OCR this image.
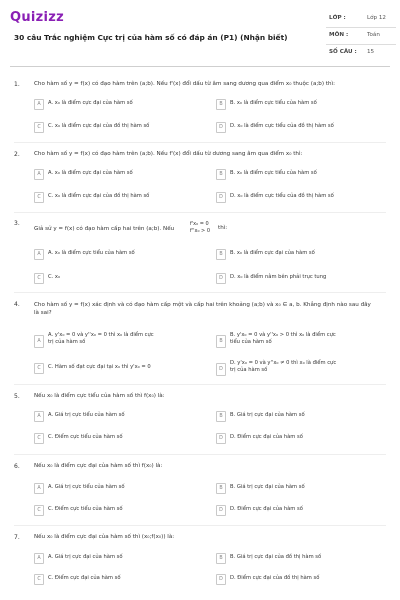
Quizizz
30 câu Trắc nghiệm Cực trị của hàm số có đáp án (P1) (Nhận biết)
LỚP :	Lớp 12
MÔN :	Toán
SỐ CÂU : 15
1.	Cho hàm số y = f(x) có đạo hàm trên (a;b). Nếu f'(x) đổi dấu từ âm sang dương qua điểm x₀ thuộc (a;b) thì:
A	A. x₀ là điểm cực đại của hàm số	B	B. x₀ là điểm cực tiểu của hàm số
C	C. x₀ là điểm cực đại của đồ thị hàm số	D	D. x₀ là điểm cực tiểu của đồ thị hàm số
2.	Cho hàm số y = f(x) có đạo hàm trên (a;b). Nếu f'(x) đổi dấu từ dương sang âm qua điểm x₀ thì:
A	A. x₀ là điểm cực đại của hàm số	B	B. x₀ là điểm cực tiểu của hàm số
C	C. x₀ là điểm cực đại của đồ thị hàm số	D	D. x₀ là điểm cực tiểu của đồ thị hàm số
3.
Giả sử y = f(x) có đạo hàm cấp hai trên (a;b). Nếu
f'x₀ = 0
f''x₀ > 0 thì:
A	A. x₀ là điểm cực tiểu của hàm số	B	B. x₀ là điểm cực đại của hàm số
C	C. x₀	D	D. x₀ là điểm nằm bên phải trục tung
4.	Cho hàm số y = f(x) xác định và có đạo hàm cấp một và cấp hai trên khoảng (a;b) và x₀ ∈ a, b. Khẳng định nào sau đây là sai?
A
A. y'x₀ = 0 và y''x₀ = 0 thì x₀ là điểm cực trị của hàm số	B
B. y'x₀ = 0 và y''x₀ > 0 thì x₀ là điểm cực tiểu của hàm số
C	C. Hàm số đạt cực đại tại x₀ thì y'x₀ = 0	D
D. y'x₀ = 0 và y''x₀ ≠ 0 thì x₀ là điểm cực trị của hàm số
5.	Nếu x₀ là điểm cực tiểu của hàm số thì f(x₀) là:
A	A. Giá trị cực tiểu của hàm số	B	B. Giá trị cực đại của hàm số
C	C. Điểm cực tiểu của hàm số	D	D. Điểm cực đại của hàm số
6.	Nếu x₀ là điểm cực đại của hàm số thì f(x₀) là:
A	A. Giá trị cực tiểu của hàm số	B	B. Giá trị cực đại của hàm số
C	C. Điểm cực tiểu của hàm số	D	D. Điểm cực đại của hàm số
7.	Nếu x₀ là điểm cực đại của hàm số thì (x₀;f(x₀)) là:
A	A. Giá trị cực đại của hàm số	B	B. Giá trị cực đại của đồ thị hàm số
C	C. Điểm cực đại của hàm số	D	D. Điểm cực đại của đồ thị hàm số
